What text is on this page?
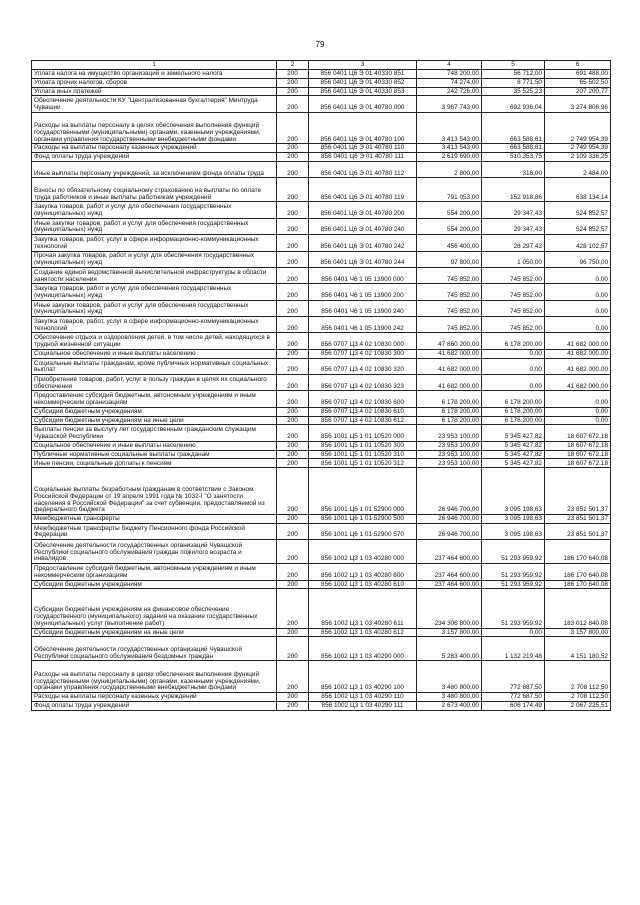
79
1	2	3	4	5	6
Уплата налога на имущество организаций и земельного налога	200	856 0401 Ц6 Э 01 40330 851	748 200,00	56 712,00	691 488,00
Уплата прочих налогов, сборов	200	856 0401 Ц6 Э 01 40330 852	74 274,00	8 771,50	65 502,50
Уплата иных платежей	200	856 0401 Ц6 Э 01 40330 853	242 726,00	35 525,23	207 200,77
Обеспечение деятельности КУ "Централизованная бухгалтерия" Минтруда Чувашии	200	856 0401 Ц6 Э 01 40780 000	3 967 743,00	692 936,04	3 274 806,96
Расходы на выплаты персоналу в целях обеспечения выполнения функций государственными (муниципальными) органами, казенными учреждениями, органами управления государственными внебюджетными фондами	200	856 0401 Ц6 Э 01 40780 100	3 413 543,00	663 588,61	2 749 954,39
Расходы на выплаты персоналу казенных учреждений	200	856 0401 Ц6 Э 01 40780 110	3 413 543,00	663 588,61	2 749 954,39
Фонд оплаты труда учреждений	200	856 0401 Ц6 Э 01 40780 111	2 619 690,00	510 353,75	2 109 336,25
Иные выплаты персоналу учреждений, за исключением фонда оплаты труда	200	856 0401 Ц6 Э 01 40780 112	2 800,00	316,00	2 484,00
Взносы по обязательному социальному страхованию на выплаты по оплате труда работников и иные выплаты работникам учреждений	200	856 0401 Ц6 Э 01 40780 119	791 053,00	152 918,86	638 134,14
Закупка товаров, работ и услуг для обеспечения государственных (муниципальных) нужд	200	856 0401 Ц6 Э 01 40780 200	554 200,00	29 347,43	524 852,57
Иные закупки товаров, работ и услуг для обеспечения государственных (муниципальных) нужд	200	856 0401 Ц6 Э 01 40780 240	554 200,00	29 347,43	524 852,57
Закупка товаров, работ, услуг в сфере информационно-коммуникационных технологий	200	856 0401 Ц6 Э 01 40780 242	456 400,00	28 297,43	428 102,57
Прочая закупка товаров, работ и услуг для обеспечения государственных (муниципальных) нужд	200	856 0401 Ц6 Э 01 40780 244	97 800,00	1 050,00	96 750,00
Создание единой ведомственной вычислительной инфраструктуры в области занятости населения	200	856 0401 Ч6 1 05 13900 000	745 852,00	745 852,00	0,00
Закупка товаров, работ и услуг для обеспечения государственных (муниципальных) нужд	200	856 0401 Ч6 1 05 13900 200	745 852,00	745 852,00	0,00
Иные закупки товаров, работ и услуг для обеспечения государственных (муниципальных) нужд	200	856 0401 Ч6 1 05 13900 240	745 852,00	745 852,00	0,00
Закупка товаров, работ, услуг в сфере информационно-коммуникационных технологий	200	856 0401 Ч6 1 05 13900 242	745 852,00	745 852,00	0,00
Обеспечение отдыха и оздоровления детей, в том числе детей, находящихся в трудной жизненной ситуации	200	856 0707 Ц3 4 02 10830 000	47 860 200,00	6 178 200,00	41 682 000,00
Социальное обеспечение и иные выплаты населению	200	856 0707 Ц3 4 02 10830 300	41 682 000,00	0,00	41 682 000,00
Социальные выплаты гражданам, кроме публичных нормативных социальных выплат	200	856 0707 Ц3 4 02 10830 320	41 682 000,00	0,00	41 682 000,00
Приобретение товаров, работ, услуг в пользу граждан в целях их социального обеспечения	200	856 0707 Ц3 4 02 10830 323	41 682 000,00	0,00	41 682 000,00
Предоставление субсидий бюджетным, автономным учреждениям и иным некоммерческим организациям	200	856 0707 Ц3 4 02 10830 600	6 178 200,00	6 178 200,00	0,00
Субсидии бюджетным учреждениям	200	856 0707 Ц3 4 02 10830 610	6 178 200,00	6 178 200,00	0,00
Субсидии бюджетным учреждениям на иные цели	200	856 0707 Ц3 4 02 10830 612	6 178 200,00	6 178 200,00	0,00
Выплаты пенсии за выслугу лет государственным гражданским служащим Чувашской Республики	200	856 1001 Ц5 1 01 10520 000	23 953 100,00	5 345 427,82	18 607 672,18
Социальное обеспечение и иные выплаты населению	200	856 1001 Ц5 1 01 10520 300	23 953 100,00	5 345 427,82	18 607 672,18
Публичные нормативные социальные выплаты гражданам	200	856 1001 Ц5 1 01 10520 310	23 953 100,00	5 345 427,82	18 607 672,18
Иные пенсии, социальные доплаты к пенсиям	200	856 1001 Ц5 1 01 10520 312	23 953 100,00	5 345 427,82	18 607 672,18
Социальные выплаты безработным гражданам в соответствии с Законом Российской Федерации от 19 апреля 1991 года № 1032-I "О занятости населения в Российской Федерации" за счет субвенции, предоставляемой из федерального бюджета	200	856 1001 Ц6 1 01 52900 000	26 946 700,00	3 095 198,63	23 851 501,37
Межбюджетные трансферты	200	856 1001 Ц6 1 01 52900 500	26 946 700,00	3 095 198,63	23 851 501,37
Межбюджетные трансферты бюджету Пенсионного фонда Российской Федерации	200	856 1001 Ц6 1 01 52900 570	26 946 700,00	3 095 198,63	23 851 501,37
Обеспечение деятельности государственных организаций Чувашской Республики социального обслуживания граждан пожилого возраста и инвалидов	200	856 1002 Ц3 1 03 40280 000	237 464 600,00	51 293 959,92	186 170 640,08
Предоставление субсидий бюджетным, автономным учреждениям и иным некоммерческим организациям	200	856 1002 Ц3 1 03 40280 600	237 464 600,00	51 293 959,92	186 170 640,08
Субсидии бюджетным учреждениям	200	856 1002 Ц3 1 03 40280 610	237 464 600,00	51 293 959,92	186 170 640,08
Субсидии бюджетным учреждениям на финансовое обеспечение государственного (муниципального) задания на оказание государственных (муниципальных) услуг (выполнение работ)	200	856 1002 Ц3 1 03 40280 611	234 306 800,00	51 293 959,92	183 012 840,08
Субсидии бюджетным учреждениям на иные цели	200	856 1002 Ц3 1 03 40280 612	3 157 800,00	0,00	3 157 800,00
Обеспечение деятельности государственных организаций Чувашской Республики социального обслуживания бездомных граждан	200	856 1002 Ц3 1 03 40290 000	5 283 400,00	1 132 219,48	4 151 180,52
Расходы на выплаты персоналу в целях обеспечения выполнения функций государственными (муниципальными) органами, казенными учреждениями, органами управления государственными внебюджетными фондами	200	856 1002 Ц3 1 03 40290 100	3 480 800,00	772 687,50	2 708 112,50
Расходы на выплаты персоналу казенных учреждений	200	856 1002 Ц3 1 03 40290 110	3 480 800,00	772 687,50	2 708 112,50
Фонд оплаты труда учреждений	200	856 1002 Ц3 1 03 40290 111	2 673 400,00	606 174,49	2 067 225,51
